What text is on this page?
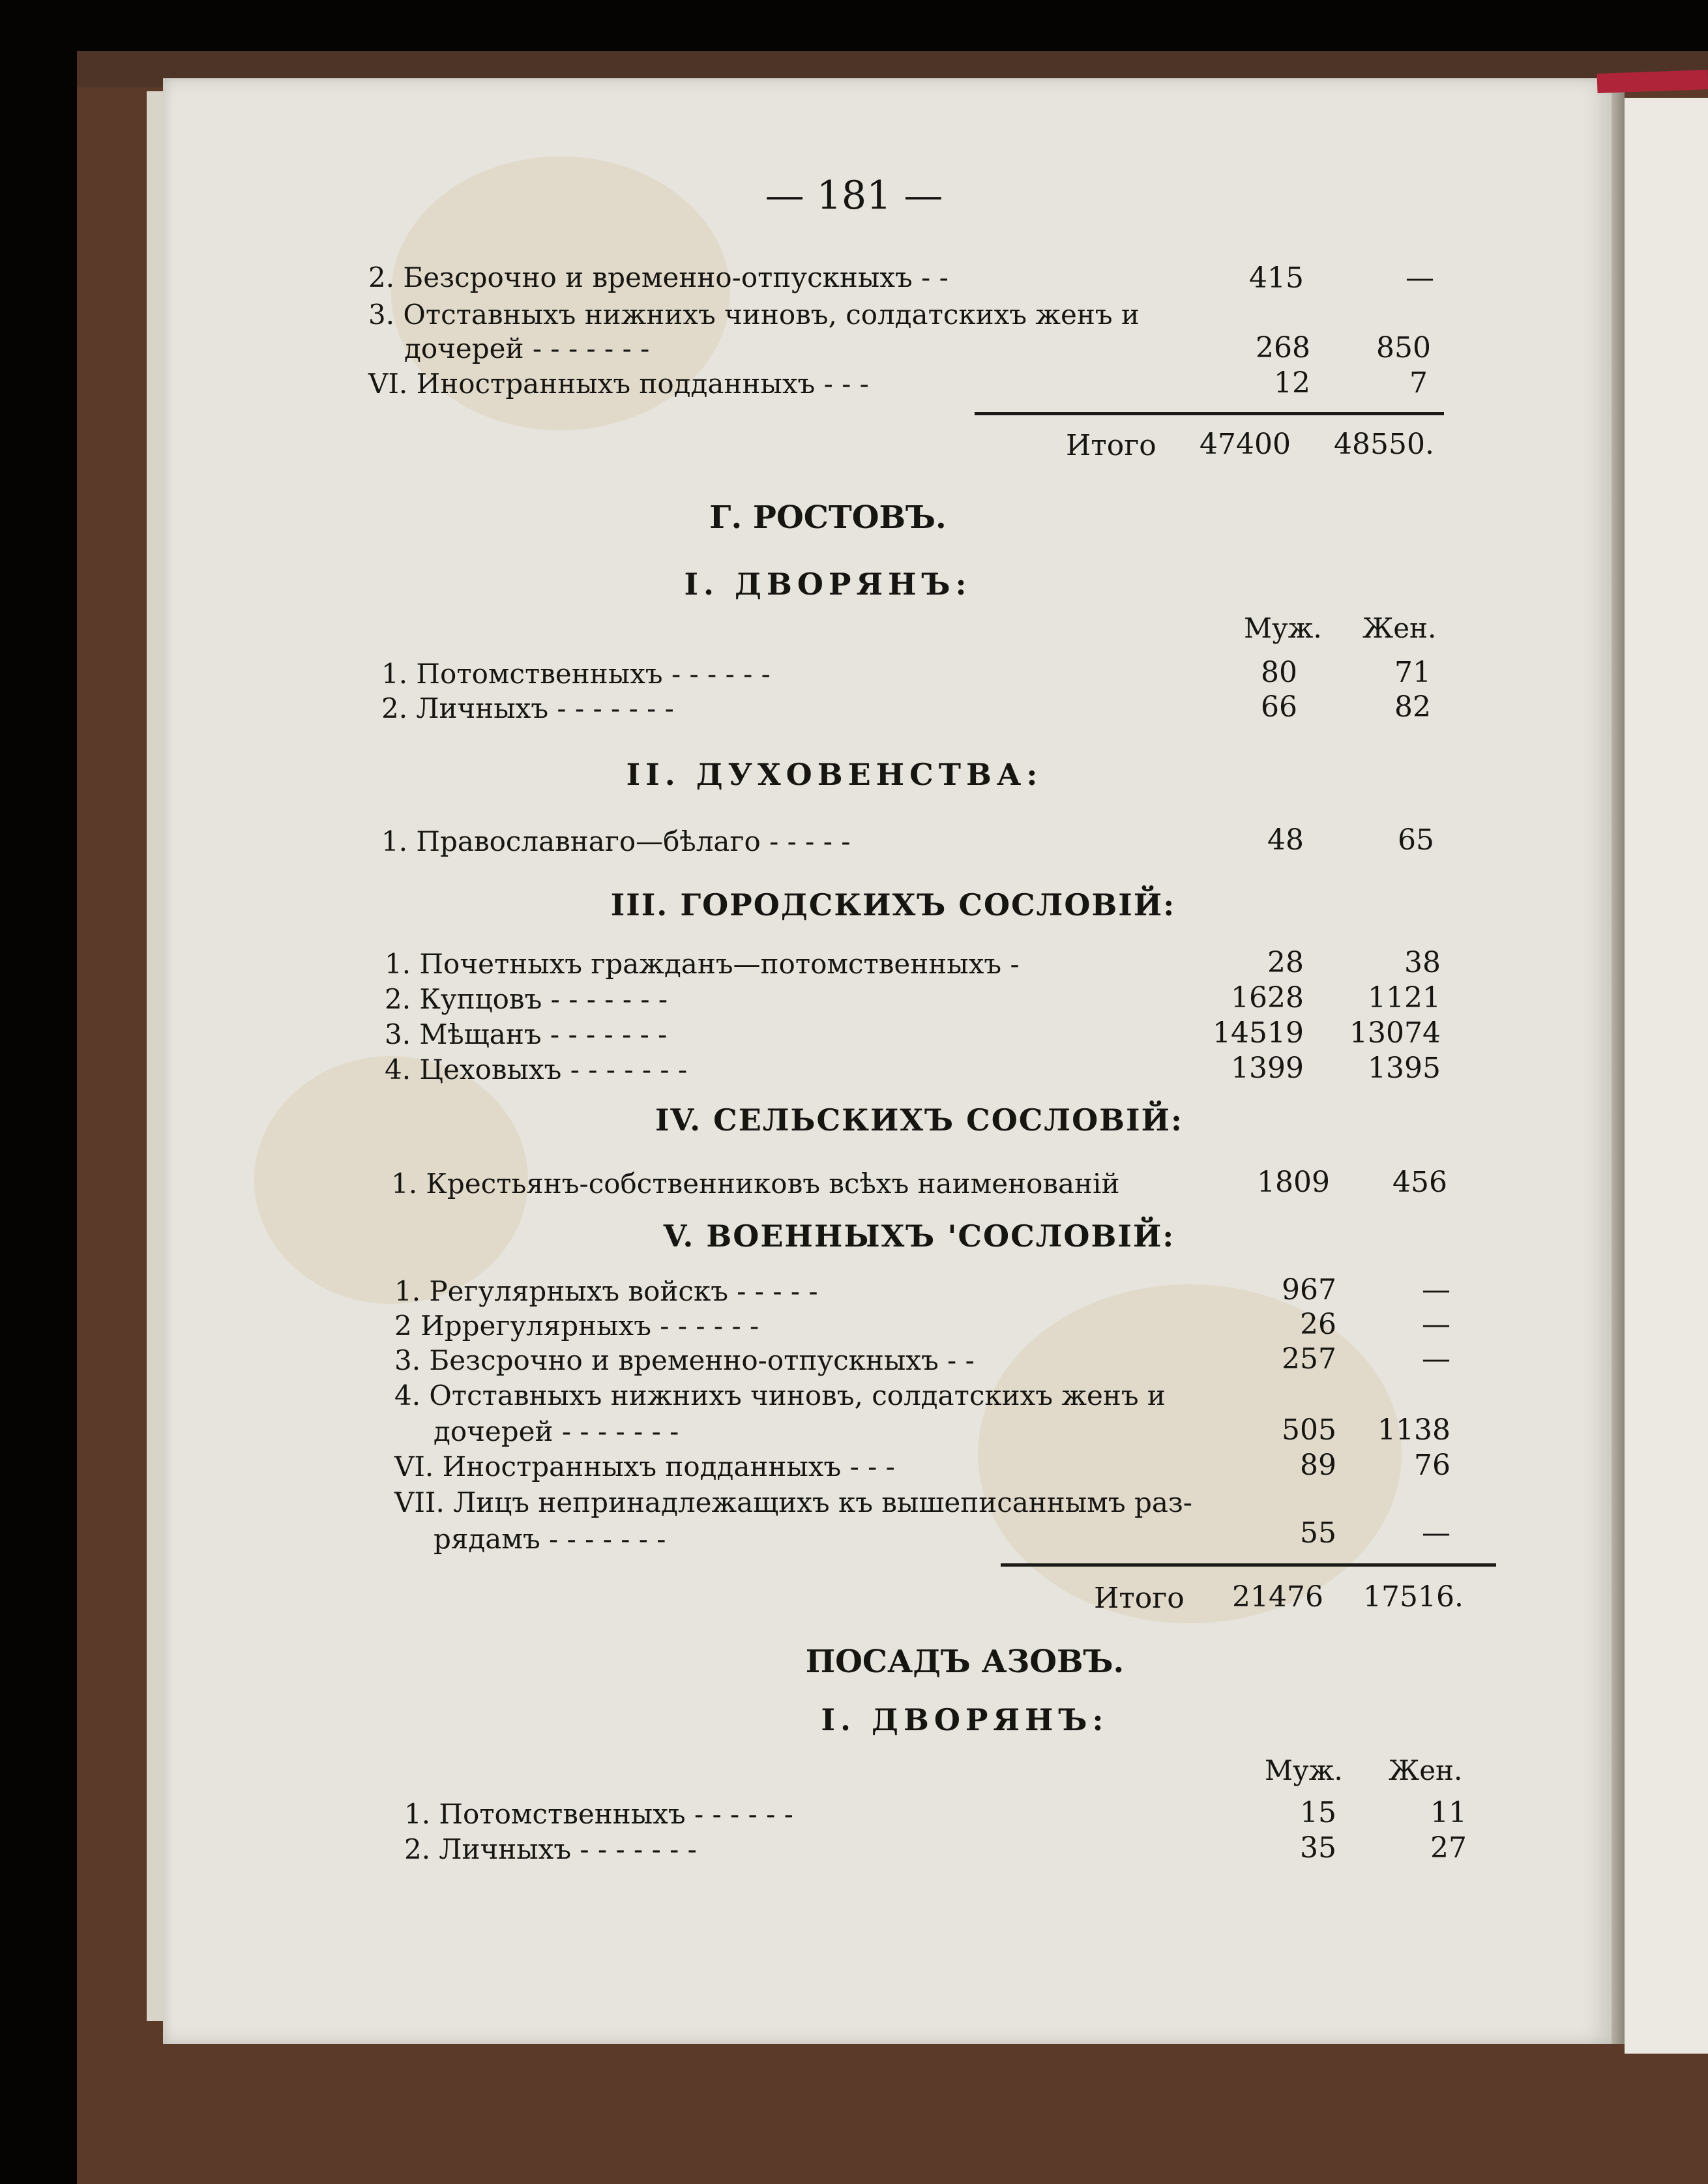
— 181 —
2. Безсрочно и временно-отпускныхъ - -	415	—
3. Отставныхъ нижнихъ чиновъ, солдатскихъ женъ и
дочерей - - - - - - -	268 850
VI. Иностранныхъ подданныхъ - - -	12	7
Итого 47400 48550.
Г. РОСТОВЪ.
I. ДВОРЯНЪ:
Муж. Жен.
1. Потомственныхъ - - - - - -	80	71
2. Личныхъ - - - - - - -	66	82
II. ДУХОВЕНСТВА:
1. Православнаго—бѣлаго - - - - -	48	65
III. ГОРОДСКИХЪ СОСЛОВIЙ:
1. Почетныхъ гражданъ—потомственныхъ -	28	38
2. Купцовъ - - - - - - -	1628 1121
3. Мѣщанъ - - - - - - -	14519 13074
4. Цеховыхъ - - - - - - -	1399 1395
IV. СЕЛЬСКИХЪ СОСЛОВIЙ:
1. Крестьянъ-собственниковъ всѣхъ наименованiй	1809 456
V. ВОЕННЫХЪ 'СОСЛОВIЙ:
1. Регулярныхъ войскъ - - - - -	967	—
2 Иррегулярныхъ - - - - - -	26	—
3. Безсрочно и временно-отпускныхъ - -	257	—
4. Отставныхъ нижнихъ чиновъ, солдатскихъ женъ и
дочерей - - - - - - -	505 1138
VI. Иностранныхъ подданныхъ - - -	89	76
VII. Лицъ непринадлежащихъ къ вышеписаннымъ раз-
рядамъ - - - - - - -	55	—
Итого 21476 17516.
ПОСАДЪ АЗОВЪ.
I. ДВОРЯНЪ:
Муж. Жен.
1. Потомственныхъ - - - - - -	15	11
2. Личныхъ - - - - - - -	35	27
